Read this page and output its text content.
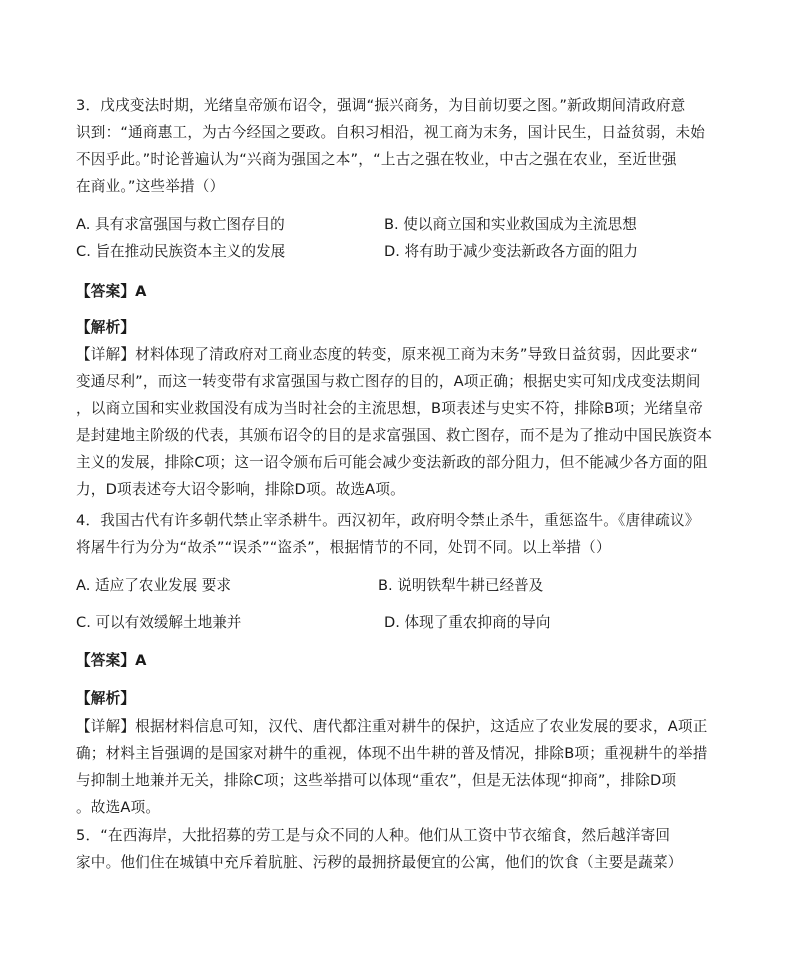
3．戊戌变法时期，光绪皇帝颁布诏令，强调“振兴商务，为目前切要之图。”新政期间清政府意
识到：“通商惠工，为古今经国之要政。自积习相沿，视工商为末务，国计民生，日益贫弱，未始
不因乎此。”时论普遍认为“兴商为强国之本”，“上古之强在牧业，中古之强在农业，至近世强
在商业。”这些举措（）
A. 具有求富强国与救亡图存目的	B. 使以商立国和实业救国成为主流思想
C. 旨在推动民族资本主义的发展	D. 将有助于减少变法新政各方面的阻力
【答案】A
【解析】
【详解】材料体现了清政府对工商业态度的转变，原来视工商为末务”导致日益贫弱，因此要求“
变通尽利”，而这一转变带有求富强国与救亡图存的目的，A项正确；根据史实可知戊戌变法期间
，以商立国和实业救国没有成为当时社会的主流思想，B项表述与史实不符，排除B项；光绪皇帝
是封建地主阶级的代表，其颁布诏令的目的是求富强国、救亡图存，而不是为了推动中国民族资本
主义的发展，排除C项；这一诏令颁布后可能会减少变法新政的部分阻力，但不能减少各方面的阻
力，D项表述夸大诏令影响，排除D项。故选A项。
4．我国古代有许多朝代禁止宰杀耕牛。西汉初年，政府明令禁止杀牛，重惩盗牛。《唐律疏议》
将屠牛行为分为“故杀”“误杀”“盗杀”，根据情节的不同，处罚不同。以上举措（）
A. 适应了农业发展 要求	B. 说明铁犁牛耕已经普及
C. 可以有效缓解土地兼并	D. 体现了重农抑商的导向
【答案】A
【解析】
【详解】根据材料信息可知，汉代、唐代都注重对耕牛的保护，这适应了农业发展的要求，A项正
确；材料主旨强调的是国家对耕牛的重视，体现不出牛耕的普及情况，排除B项；重视耕牛的举措
与抑制土地兼并无关，排除C项；这些举措可以体现“重农”，但是无法体现“抑商”，排除D项
。故选A项。
5．“在西海岸，大批招募的劳工是与众不同的人种。他们从工资中节衣缩食，然后越洋寄回
家中。他们住在城镇中充斥着肮脏、污秽的最拥挤最便宜的公寓，他们的饮食（主要是蔬菜）
